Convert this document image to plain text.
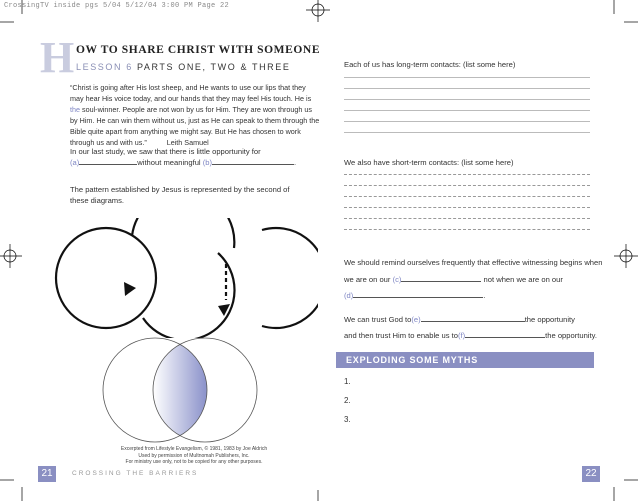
CrossingTV inside pgs 5/04 5/12/04 3:00 PM Page 22
H OW TO SHARE CHRIST WITH SOMEONE
LESSON 6 PARTS ONE, TWO & THREE
“Christ is going after His lost sheep, and He wants to use our lips that they may hear His voice today, and our hands that they may feel His touch. He is
the soul-winner. People are not won by us for Him. They are won through us by Him. He can win them without us, just as He can speak to them through the Bible quite apart from anything we might say. But He has chosen to work through us and with us.”	Leith Samuel
In our last study, we saw that there is little opportunity for
(a)	without meaningful (b)	.
The pattern established by Jesus is represented by the second of these diagrams.
Excerpted from Lifestyle Evangelism, © 1981, 1983 by Joe Aldrich
Used by permission of Multnomah Publishers, Inc.
For ministry use only, not to be copied for any other purposes.
Each of us has long-term contacts: (list some here)
We also have short-term contacts: (list some here)
We should remind ourselves frequently that effective witnessing begins when
we are on our (c)	not when we are on our
(d)	.
We can trust God to(e)	the opportunity
and then trust Him to enable us to(f)	the opportunity.
EXPLODING SOME MYTHS
1.
2.
3.
21	CROSSING THE BARRIERS	22
